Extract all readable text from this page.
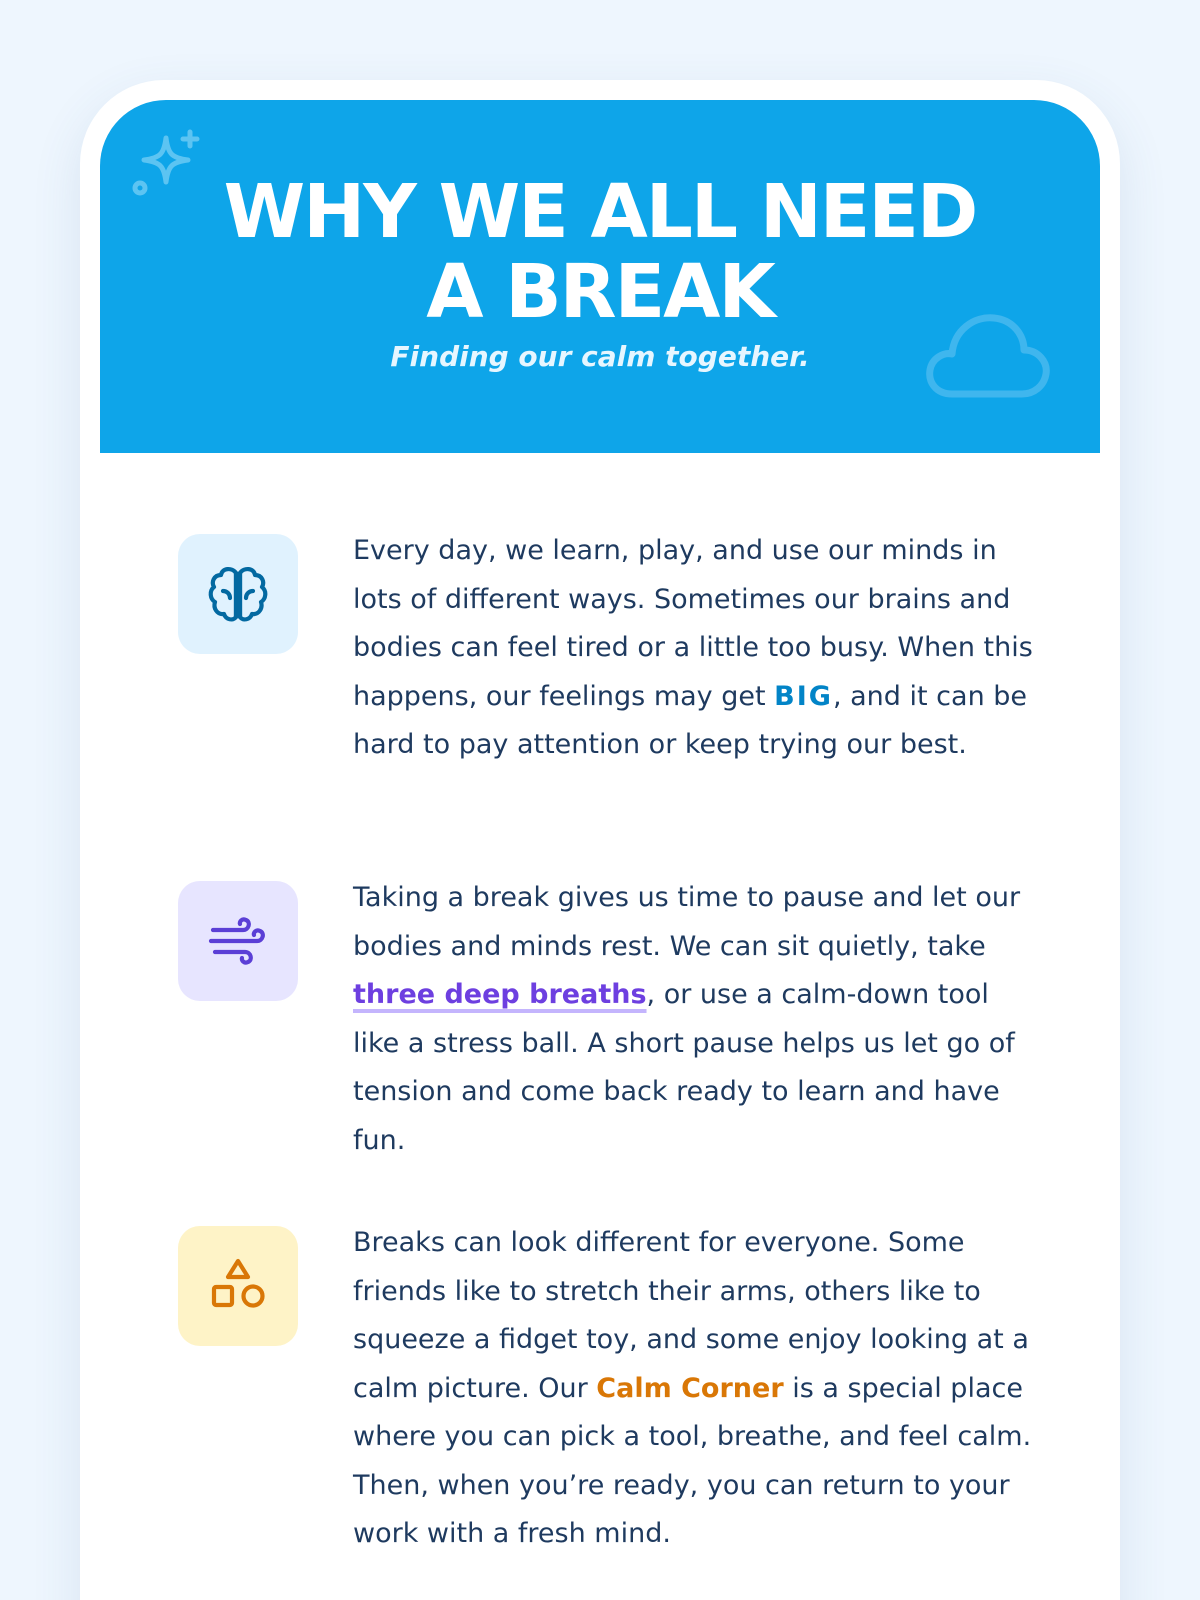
WHY WE ALL NEED
A BREAK
Finding our calm together.

Every day, we learn, play, and use our minds in lots of different ways. Sometimes our brains and bodies can feel tired or a little too busy. When this happens, our feelings may get BIG, and it can be hard to pay attention or keep trying our best.

Taking a break gives us time to pause and let our bodies and minds rest. We can sit quietly, take three deep breaths, or use a calm-down tool like a stress ball. A short pause helps us let go of tension and come back ready to learn and have fun.

Breaks can look different for everyone. Some friends like to stretch their arms, others like to squeeze a fidget toy, and some enjoy looking at a calm picture. Our Calm Corner is a special place where you can pick a tool, breathe, and feel calm. Then, when you’re ready, you can return to your work with a fresh mind.
